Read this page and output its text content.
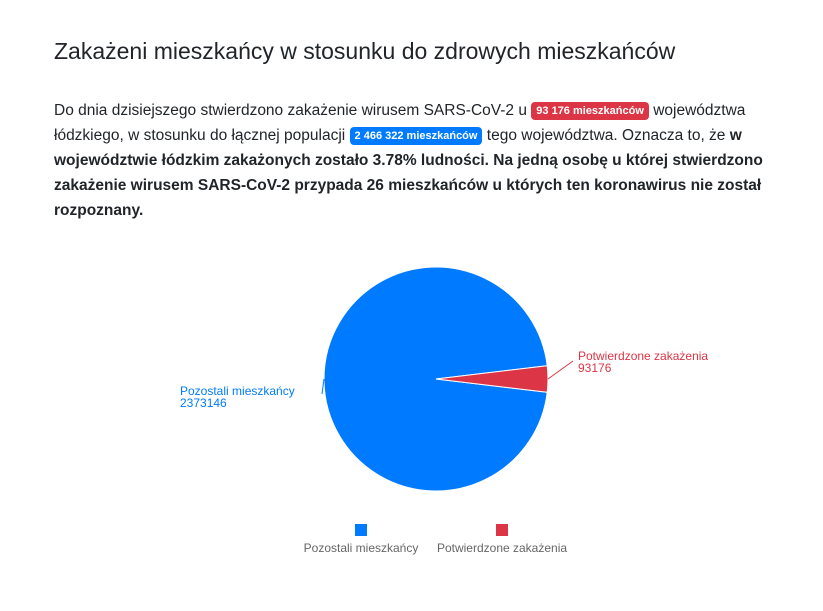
Zakażeni mieszkańcy w stosunku do zdrowych mieszkańców

Do dnia dzisiejszego stwierdzono zakażenie wirusem SARS-CoV-2 u 93 176 mieszkańców województwa łódzkiego, w stosunku do łącznej populacji 2 466 322 mieszkańców tego województwa. Oznacza to, że w województwie łódzkim zakażonych zostało 3.78% ludności. Na jedną osobę u której stwierdzono zakażenie wirusem SARS-CoV-2 przypada 26 mieszkańców u których ten koronawirus nie został rozpoznany.

Pozostali mieszkańcy
2373146
Potwierdzone zakażenia
93176
Pozostali mieszkańcy Potwierdzone zakażenia
